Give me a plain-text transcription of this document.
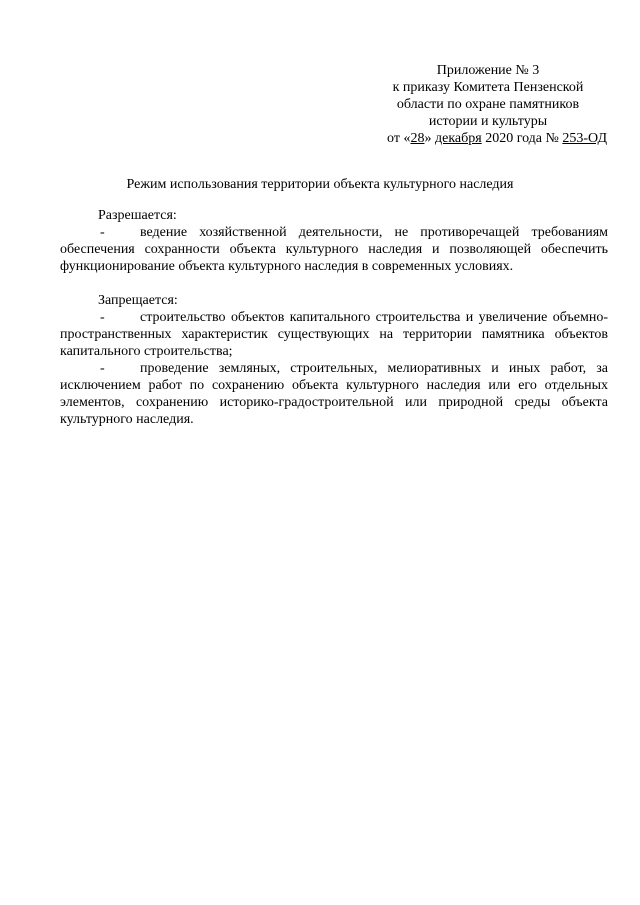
Приложение № 3
к приказу Комитета Пензенской
области по охране памятников
истории и культуры
от «28» декабря 2020 года № 253-ОД
Режим использования территории объекта культурного наследия
Разрешается:
-	ведение хозяйственной деятельности, не противоречащей требованиям обеспечения сохранности объекта культурного наследия и позволяющей обеспечить функционирование объекта культурного наследия в современных условиях.
Запрещается:
-	строительство объектов капитального строительства и увеличение объемно-пространственных характеристик существующих на территории памятника объектов капитального строительства;
-	проведение земляных, строительных, мелиоративных и иных работ, за исключением работ по сохранению объекта культурного наследия или его отдельных элементов, сохранению историко-градостроительной или природной среды объекта культурного наследия.
